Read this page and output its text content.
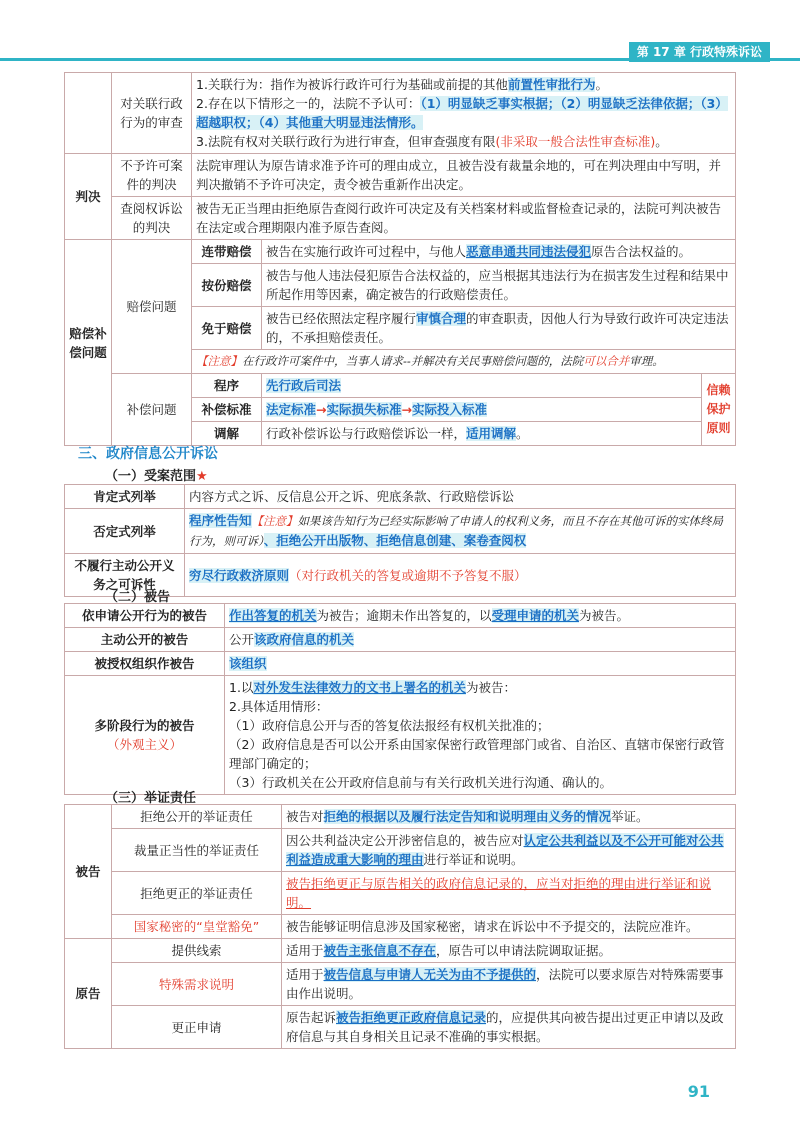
第 17 章 行政特殊诉讼
	对关联行政行为的审查	1.关联行为：指作为被诉行政许可行为基础或前提的其他前置性审批行为。
2.存在以下情形之一的，法院不予认可：（1）明显缺乏事实根据；（2）明显缺乏法律依据；（3）超越职权；（4）其他重大明显违法情形。
3.法院有权对关联行政行为进行审查，但审查强度有限(非采取一般合法性审查标准)。		
判决	不予许可案件的判决	法院审理认为原告请求准予许可的理由成立，且被告没有裁量余地的，可在判决理由中写明，并判决撤销不予许可决定，责令被告重新作出决定。		
	查阅权诉讼的判决	被告无正当理由拒绝原告查阅行政许可决定及有关档案材料或监督检查记录的，法院可判决被告在法定或合理期限内准予原告查阅。		
赔偿补偿问题	赔偿问题	连带赔偿	被告在实施行政许可过程中，与他人恶意串通共同违法侵犯原告合法权益的。	
		按份赔偿	被告与他人违法侵犯原告合法权益的，应当根据其违法行为在损害发生过程和结果中所起作用等因素，确定被告的行政赔偿责任。	
		免于赔偿	被告已经依照法定程序履行审慎合理的审查职责，因他人行为导致行政许可决定违法的，不承担赔偿责任。	
		【注意】在行政许可案件中，当事人请求--并解决有关民事赔偿问题的，法院可以合并审理。		
	补偿问题	程序	先行政后司法	信赖保护原则
		补偿标准	法定标准→实际损失标准→实际投入标准	
		调解	行政补偿诉讼与行政赔偿诉讼一样，适用调解。	
三、政府信息公开诉讼
（一）受案范围★
肯定式列举	内容方式之诉、反信息公开之诉、兜底条款、行政赔偿诉讼
否定式列举	程序性告知【注意】如果该告知行为已经实际影响了申请人的权利义务，而且不存在其他可诉的实体终局行为，则可诉）、拒绝公开出版物、拒绝信息创建、案卷查阅权
不履行主动公开义务之可诉性	穷尽行政救济原则（对行政机关的答复或逾期不予答复不服）
（二）被告
依申请公开行为的被告	作出答复的机关为被告；逾期未作出答复的，以受理申请的机关为被告。
主动公开的被告	公开该政府信息的机关
被授权组织作被告	该组织
多阶段行为的被告
（外观主义）	1.以对外发生法律效力的文书上署名的机关为被告：
2.具体适用情形：
（1）政府信息公开与否的答复依法报经有权机关批准的；
（2）政府信息是否可以公开系由国家保密行政管理部门或省、自治区、直辖市保密行政管理部门确定的；
（3）行政机关在公开政府信息前与有关行政机关进行沟通、确认的。
（三）举证责任
被告	拒绝公开的举证责任	被告对拒绝的根据以及履行法定告知和说明理由义务的情况举证。
	裁量正当性的举证责任	因公共利益决定公开涉密信息的，被告应对认定公共利益以及不公开可能对公共利益造成重大影响的理由进行举证和说明。
	拒绝更正的举证责任	被告拒绝更正与原告相关的政府信息记录的，应当对拒绝的理由进行举证和说明。
	国家秘密的“皇堂豁免”	被告能够证明信息涉及国家秘密，请求在诉讼中不予提交的，法院应准许。
原告	提供线索	适用于被告主张信息不存在，原告可以申请法院调取证据。
	特殊需求说明	适用于被告信息与申请人无关为由不予提供的，法院可以要求原告对特殊需要事由作出说明。
	更正申请	原告起诉被告拒绝更正政府信息记录的，应提供其向被告提出过更正申请以及政府信息与其自身相关且记录不准确的事实根据。
91
